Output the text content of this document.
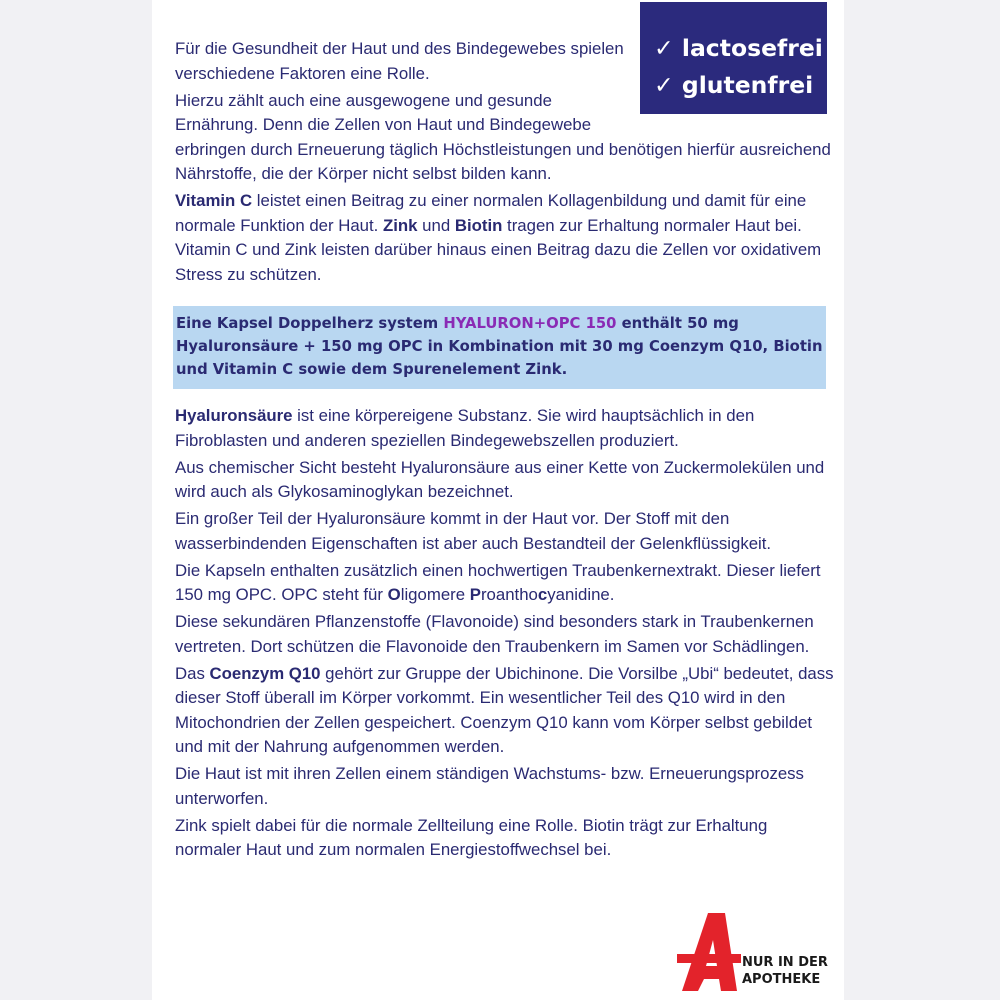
✓ lactosefrei
✓ glutenfrei

Für die Gesundheit der Haut und des Bindegewebes spielen verschiedene Faktoren eine Rolle.

Hierzu zählt auch eine ausgewogene und gesunde
Ernährung. Denn die Zellen von Haut und Bindegewebe
erbringen durch Erneuerung täglich Höchstleistungen und benötigen hierfür ausreichend Nährstoffe, die der Körper nicht selbst bilden kann.

Vitamin C leistet einen Beitrag zu einer normalen Kollagenbildung und damit für eine normale Funktion der Haut. Zink und Biotin tragen zur Erhaltung normaler Haut bei. Vitamin C und Zink leisten darüber hinaus einen Beitrag dazu die Zellen vor oxidativem Stress zu schützen.

Eine Kapsel Doppelherz system HYALURON+OPC 150 enthält 50 mg Hyaluronsäure + 150 mg OPC in Kombination mit 30 mg Coenzym Q10, Biotin und Vitamin C sowie dem Spurenelement Zink.

Hyaluronsäure ist eine körpereigene Substanz. Sie wird hauptsächlich in den Fibroblasten und anderen speziellen Bindegewebszellen produziert.

Aus chemischer Sicht besteht Hyaluronsäure aus einer Kette von Zuckermolekülen und wird auch als Glykosaminoglykan bezeichnet.

Ein großer Teil der Hyaluronsäure kommt in der Haut vor. Der Stoff mit den wasserbindenden Eigenschaften ist aber auch Bestandteil der Gelenkflüssigkeit.

Die Kapseln enthalten zusätzlich einen hochwertigen Traubenkernextrakt. Dieser liefert 150 mg OPC. OPC steht für Oligomere Proanthocyanidine.

Diese sekundären Pflanzenstoffe (Flavonoide) sind besonders stark in Traubenkernen vertreten. Dort schützen die Flavonoide den Traubenkern im Samen vor Schädlingen.

Das Coenzym Q10 gehört zur Gruppe der Ubichinone. Die Vorsilbe „Ubi“ bedeutet, dass dieser Stoff überall im Körper vorkommt. Ein wesentlicher Teil des Q10 wird in den Mitochondrien der Zellen gespeichert. Coenzym Q10 kann vom Körper selbst gebildet und mit der Nahrung aufgenommen werden.

Die Haut ist mit ihren Zellen einem ständigen Wachstums- bzw. Erneuerungsprozess unterworfen.

Zink spielt dabei für die normale Zellteilung eine Rolle. Biotin trägt zur Erhaltung normaler Haut und zum normalen Energiestoffwechsel bei.

NUR IN DER
APOTHEKE
